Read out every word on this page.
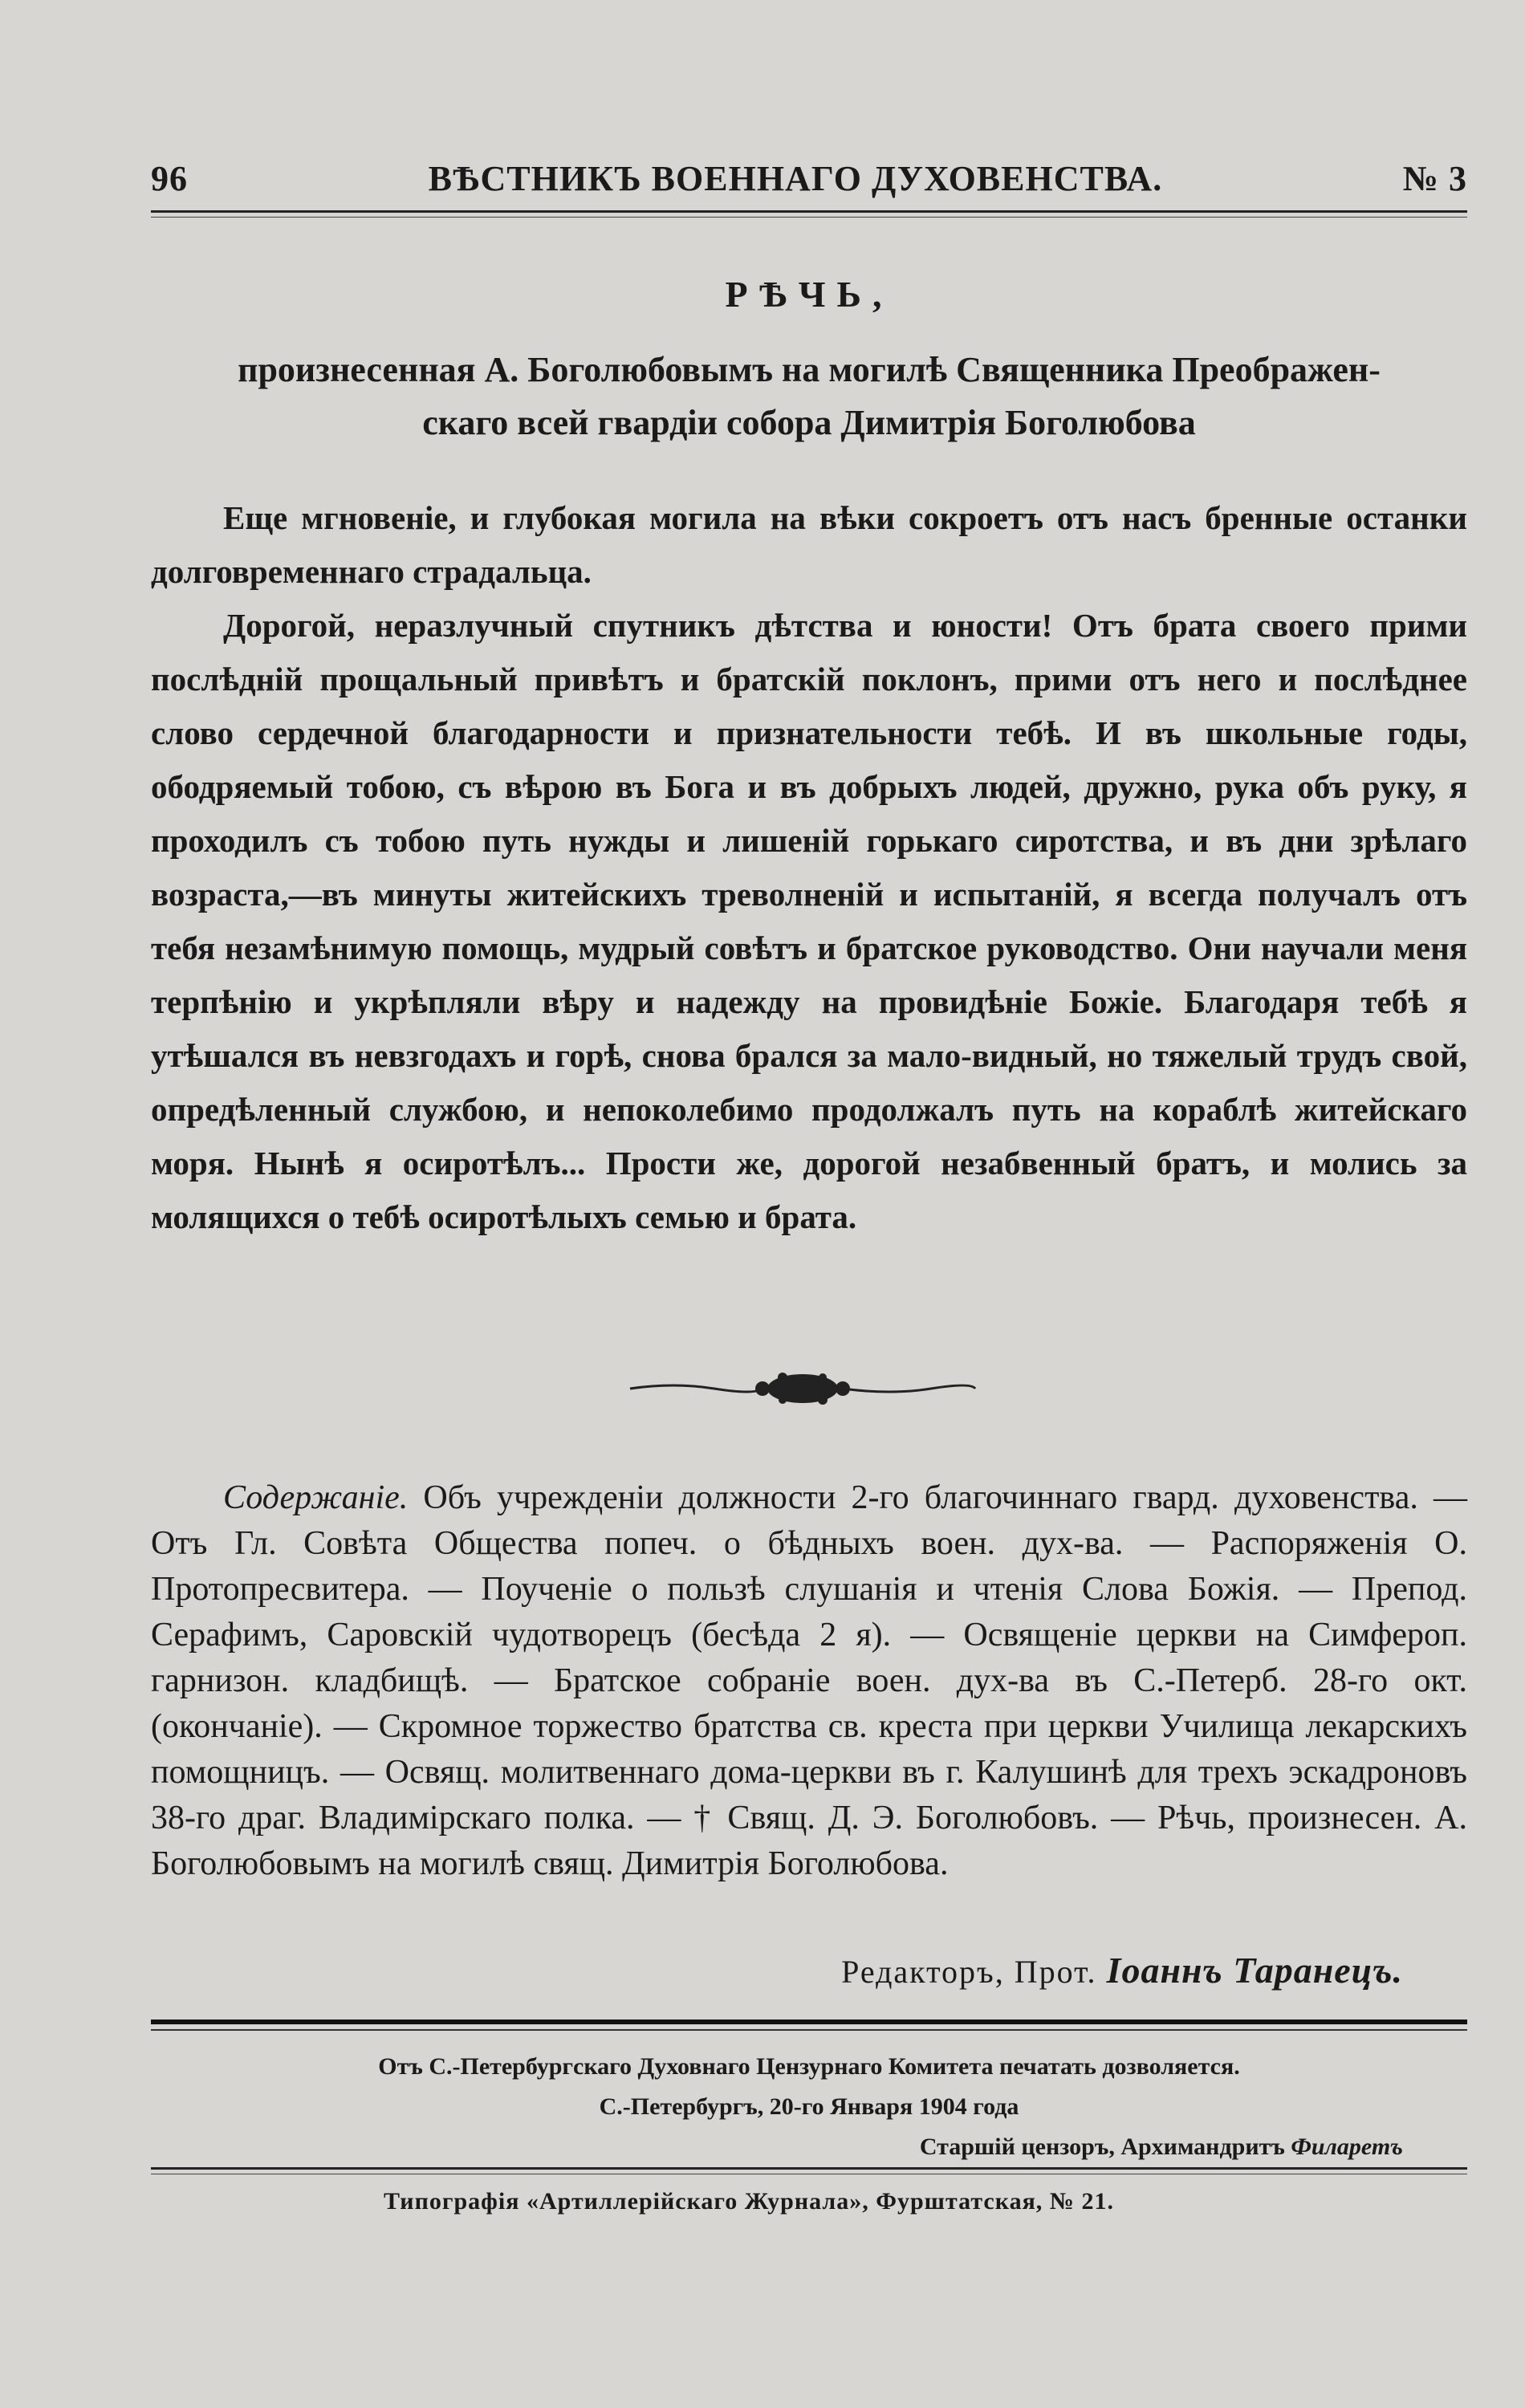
96	ВѢСТНИКЪ ВОЕННАГО ДУХОВЕНСТВА.	№ 3
РѢЧЬ,
произнесенная А. Боголюбовымъ на могилѣ Священника Преображен-
скаго всей гвардіи собора Димитрія Боголюбова

Еще мгновеніе, и глубокая могила на вѣки сокроетъ отъ насъ бренные останки долговременнаго страдальца.

Дорогой, неразлучный спутникъ дѣтства и юности! Отъ брата своего прими послѣдній прощальный привѣтъ и братскій поклонъ, прими отъ него и послѣднее слово сердечной благодарности и признательности тебѣ. И въ школьные годы, ободряемый тобою, съ вѣрою въ Бога и въ добрыхъ людей, дружно, рука объ руку, я проходилъ съ тобою путь нужды и лишеній горькаго сиротства, и въ дни зрѣлаго возраста,—въ минуты житейскихъ треволненій и испытаній, я всегда получалъ отъ тебя незамѣнимую помощь, мудрый совѣтъ и братское руководство. Они научали меня терпѣнію и укрѣпляли вѣру и надежду на провидѣніе Божіе. Благодаря тебѣ я утѣшался въ невзгодахъ и горѣ, снова брался за мало-видный, но тяжелый трудъ свой, опредѣленный службою, и непоколебимо продолжалъ путь на кораблѣ житейскаго моря. Нынѣ я осиротѣлъ... Прости же, дорогой незабвенный братъ, и молись за молящихся о тебѣ осиротѣлыхъ семью и брата.

Содержаніе. Объ учрежденіи должности 2-го благочиннаго гвард. духовенства. — Отъ Гл. Совѣта Общества попеч. о бѣдныхъ воен. дух-ва. — Распоряженія О. Протопресвитера. — Поученіе о пользѣ слушанія и чтенія Слова Божія. — Препод. Серафимъ, Саровскій чудотворецъ (бесѣда 2 я). — Освященіе церкви на Симфероп. гарнизон. кладбищѣ. — Братское собраніе воен. дух-ва въ С.-Петерб. 28-го окт. (окончаніе). — Скромное торжество братства св. креста при церкви Училища лекарскихъ помощницъ. — Освящ. молитвеннаго дома-церкви въ г. Калушинѣ для трехъ эскадроновъ 38-го драг. Владимірскаго полка. — † Свящ. Д. Э. Боголюбовъ. — Рѣчь, произнесен. А. Боголюбовымъ на могилѣ свящ. Димитрія Боголюбова.

Редакторъ, Прот. Іоаннъ Таранецъ.
Отъ С.-Петербургскаго Духовнаго Цензурнаго Комитета печатать дозволяется.
С.-Петербургъ, 20-го Января 1904 года
Старшій цензоръ, Архимандритъ Филаретъ
Типографія «Артиллерійскаго Журнала», Фурштатская, № 21.
